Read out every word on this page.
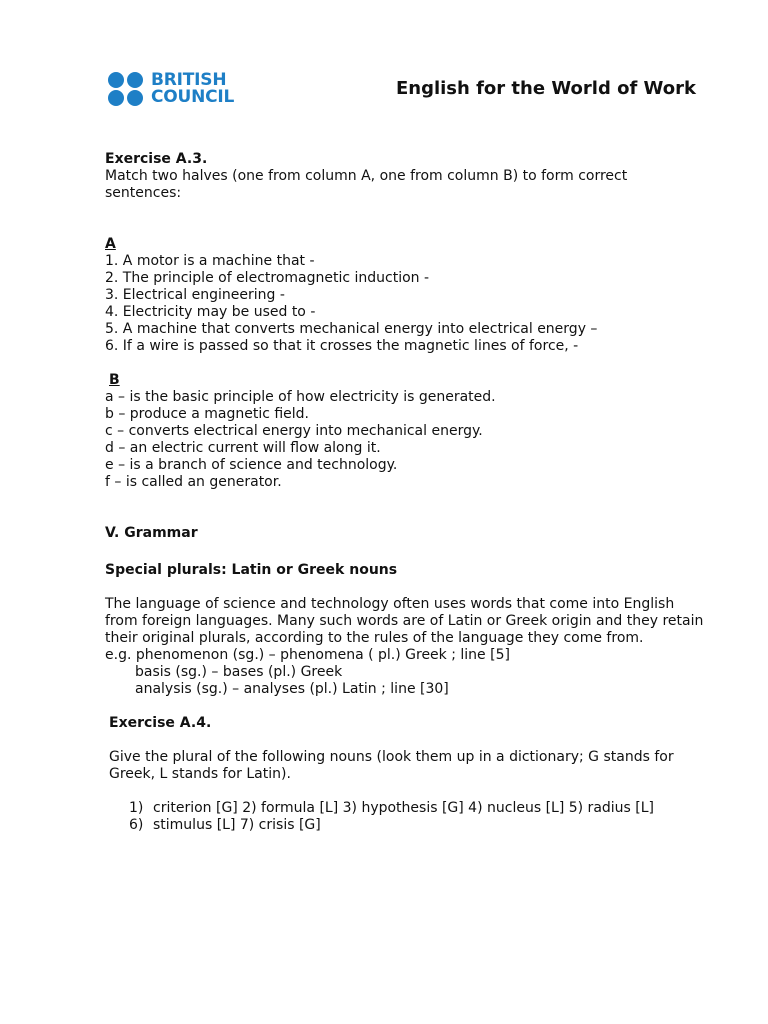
BRITISH
COUNCIL	English for the World of Work

Exercise A.3.

Match two halves (one from column A, one from column B) to form correct sentences:

A

1. A motor is a machine that -

2. The principle of electromagnetic induction -

3. Electrical engineering -

4. Electricity may be used to -

5. A machine that converts mechanical energy into electrical energy –

6. If a wire is passed so that it crosses the magnetic lines of force, -

B

a – is the basic principle of how electricity is generated.

b – produce a magnetic field.

c – converts electrical energy into mechanical energy.

d – an electric current will flow along it.

e – is a branch of science and technology.

f – is called an generator.

V. Grammar

Special plurals: Latin or Greek nouns

The language of science and technology often uses words that come into English from foreign languages. Many such words are of Latin or Greek origin and they retain their original plurals, according to the rules of the language they come from.

e.g. phenomenon (sg.) – phenomena ( pl.) Greek ; line [5]

basis (sg.) – bases (pl.) Greek

analysis (sg.) – analyses (pl.) Latin ; line [30]

Exercise A.4.

Give the plural of the following nouns (look them up in a dictionary; G stands for Greek, L stands for Latin).

1) criterion [G] 2) formula [L] 3) hypothesis [G] 4) nucleus [L] 5) radius [L]

6) stimulus [L] 7) crisis [G]
